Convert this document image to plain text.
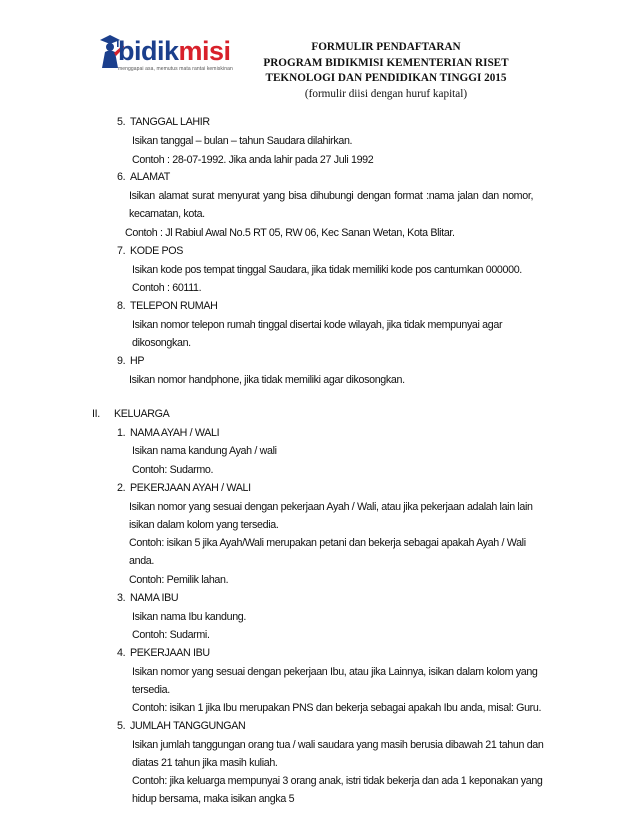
bidikmisi
menggapai asa, memutus mata rantai kemiskinan
FORMULIR PENDAFTARAN
PROGRAM BIDIKMISI KEMENTERIAN RISET
TEKNOLOGI DAN PENDIDIKAN TINGGI 2015
(formulir diisi dengan huruf kapital)
5. TANGGAL LAHIR
Isikan tanggal – bulan – tahun Saudara dilahirkan.
Contoh : 28-07-1992. Jika anda lahir pada 27 Juli 1992
6. ALAMAT
Isikan alamat surat menyurat yang bisa dihubungi dengan format :nama jalan dan nomor,
kecamatan, kota.
Contoh : Jl Rabiul Awal No.5 RT 05, RW 06, Kec Sanan Wetan, Kota Blitar.
7. KODE POS
Isikan kode pos tempat tinggal Saudara, jika tidak memiliki kode pos cantumkan 000000.
Contoh : 60111.
8. TELEPON RUMAH
Isikan nomor telepon rumah tinggal disertai kode wilayah, jika tidak mempunyai agar
dikosongkan.
9. HP
Isikan nomor handphone, jika tidak memiliki agar dikosongkan.
II. KELUARGA
1. NAMA AYAH / WALI
Isikan nama kandung Ayah / wali
Contoh: Sudarmo.
2. PEKERJAAN AYAH / WALI
Isikan nomor yang sesuai dengan pekerjaan Ayah / Wali, atau jika pekerjaan adalah lain lain
isikan dalam kolom yang tersedia.
Contoh: isikan 5 jika Ayah/Wali merupakan petani dan bekerja sebagai apakah Ayah / Wali
anda.
Contoh: Pemilik lahan.
3. NAMA IBU
Isikan nama Ibu kandung.
Contoh: Sudarmi.
4. PEKERJAAN IBU
Isikan nomor yang sesuai dengan pekerjaan Ibu, atau jika Lainnya, isikan dalam kolom yang
tersedia.
Contoh: isikan 1 jika Ibu merupakan PNS dan bekerja sebagai apakah Ibu anda, misal: Guru.
5. JUMLAH TANGGUNGAN
Isikan jumlah tanggungan orang tua / wali saudara yang masih berusia dibawah 21 tahun dan
diatas 21 tahun jika masih kuliah.
Contoh: jika keluarga mempunyai 3 orang anak, istri tidak bekerja dan ada 1 keponakan yang
hidup bersama, maka isikan angka 5
